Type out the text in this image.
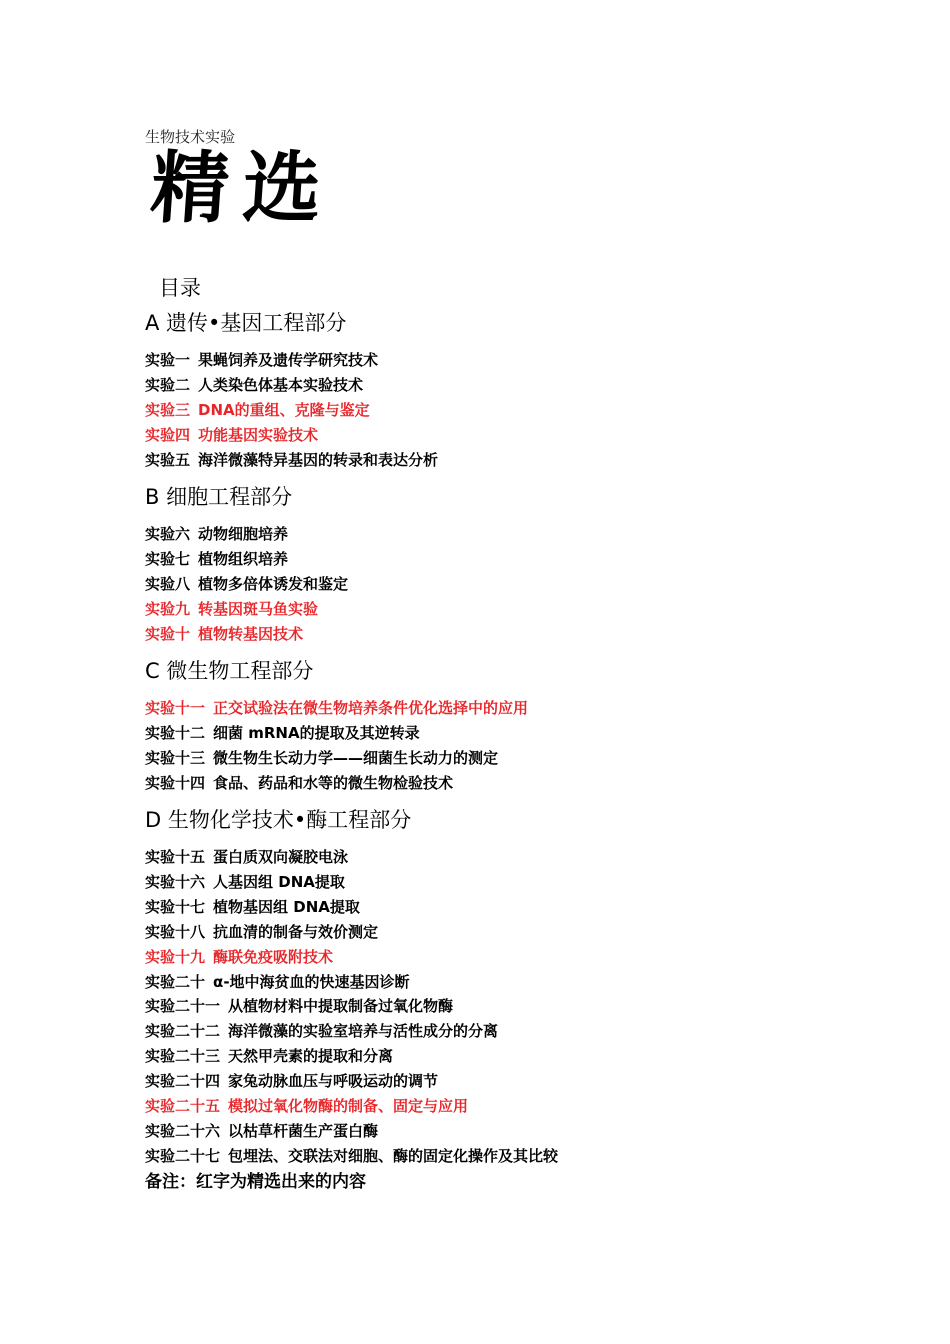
生物技术实验
精选
目录
A 遗传•基因工程部分
实验一 果蝇饲养及遗传学研究技术
实验二 人类染色体基本实验技术
实验三 DNA的重组、克隆与鉴定
实验四 功能基因实验技术
实验五 海洋微藻特异基因的转录和表达分析
B 细胞工程部分
实验六 动物细胞培养
实验七 植物组织培养
实验八 植物多倍体诱发和鉴定
实验九 转基因斑马鱼实验
实验十 植物转基因技术
C 微生物工程部分
实验十一 正交试验法在微生物培养条件优化选择中的应用
实验十二 细菌 mRNA的提取及其逆转录
实验十三 微生物生长动力学——细菌生长动力的测定
实验十四 食品、药品和水等的微生物检验技术
D 生物化学技术•酶工程部分
实验十五 蛋白质双向凝胶电泳
实验十六 人基因组 DNA提取
实验十七 植物基因组 DNA提取
实验十八 抗血清的制备与效价测定
实验十九 酶联免疫吸附技术
实验二十 α-地中海贫血的快速基因诊断
实验二十一 从植物材料中提取制备过氧化物酶
实验二十二 海洋微藻的实验室培养与活性成分的分离
实验二十三 天然甲壳素的提取和分离
实验二十四 家兔动脉血压与呼吸运动的调节
实验二十五 模拟过氧化物酶的制备、固定与应用
实验二十六 以枯草杆菌生产蛋白酶
实验二十七 包埋法、交联法对细胞、酶的固定化操作及其比较
备注：红字为精选出来的内容
